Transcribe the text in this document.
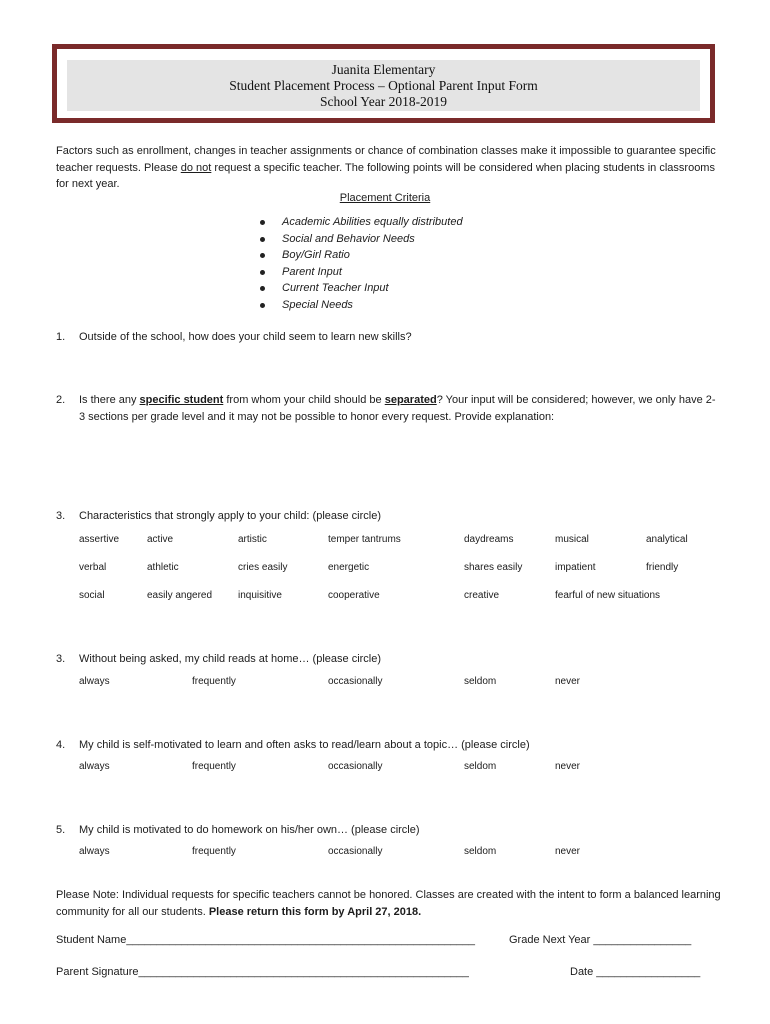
Juanita Elementary
Student Placement Process – Optional Parent Input Form
School Year 2018-2019
Factors such as enrollment, changes in teacher assignments or chance of combination classes make it impossible to guarantee specific teacher requests. Please do not request a specific teacher. The following points will be considered when placing students in classrooms for next year.
Placement Criteria
Academic Abilities equally distributed
Social and Behavior Needs
Boy/Girl Ratio
Parent Input
Current Teacher Input
Special Needs
1. Outside of the school, how does your child seem to learn new skills?
2. Is there any specific student from whom your child should be separated? Your input will be considered; however, we only have 2-3 sections per grade level and it may not be possible to honor every request. Provide explanation:
3. Characteristics that strongly apply to your child: (please circle)
assertive	active	artistic	temper tantrums	daydreams	musical	analytical
verbal	athletic	cries easily	energetic	shares easily	impatient	friendly
social	easily angered	inquisitive	cooperative	creative	fearful of new situations
3. Without being asked, my child reads at home… (please circle)
always	frequently	occasionally	seldom	never
4. My child is self-motivated to learn and often asks to read/learn about a topic… (please circle)
always	frequently	occasionally	seldom	never
5. My child is motivated to do homework on his/her own… (please circle)
always	frequently	occasionally	seldom	never
Please Note: Individual requests for specific teachers cannot be honored. Classes are created with the intent to form a balanced learning community for all our students. Please return this form by April 27, 2018.
Student Name_________________________________________________________	Grade Next Year ________________
Parent Signature______________________________________________________	Date _________________
